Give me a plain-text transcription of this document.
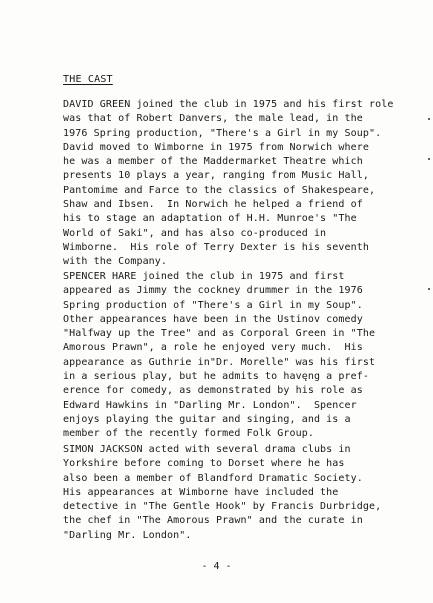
THE CAST
DAVID GREEN joined the club in 1975 and his first role
was that of Robert Danvers, the male lead, in the
1976 Spring production, "There's a Girl in my Soup".
David moved to Wimborne in 1975 from Norwich where
he was a member of the Maddermarket Theatre which
presents 10 plays a year, ranging from Music Hall,
Pantomime and Farce to the classics of Shakespeare,
Shaw and Ibsen.  In Norwich he helped a friend of
his to stage an adaptation of H.H. Munroe's "The
World of Saki", and has also co-produced in
Wimborne.  His role of Terry Dexter is his seventh
with the Company.
SPENCER HARE joined the club in 1975 and first
appeared as Jimmy the cockney drummer in the 1976
Spring production of "There's a Girl in my Soup".
Other appearances have been in the Ustinov comedy
"Halfway up the Tree" and as Corporal Green in "The
Amorous Prawn", a role he enjoyed very much.  His
appearance as Guthrie in"Dr. Morelle" was his first
in a serious play, but he admits to havęng a pref-
erence for comedy, as demonstrated by his role as
Edward Hawkins in "Darling Mr. London".  Spencer
enjoys playing the guitar and singing, and is a
member of the recently formed Folk Group.
SIMON JACKSON acted with several drama clubs in
Yorkshire before coming to Dorset where he has
also been a member of Blandford Dramatic Society.
His appearances at Wimborne have included the
detective in "The Gentle Hook" by Francis Durbridge,
the chef in "The Amorous Prawn" and the curate in
"Darling Mr. London".
- 4 -
